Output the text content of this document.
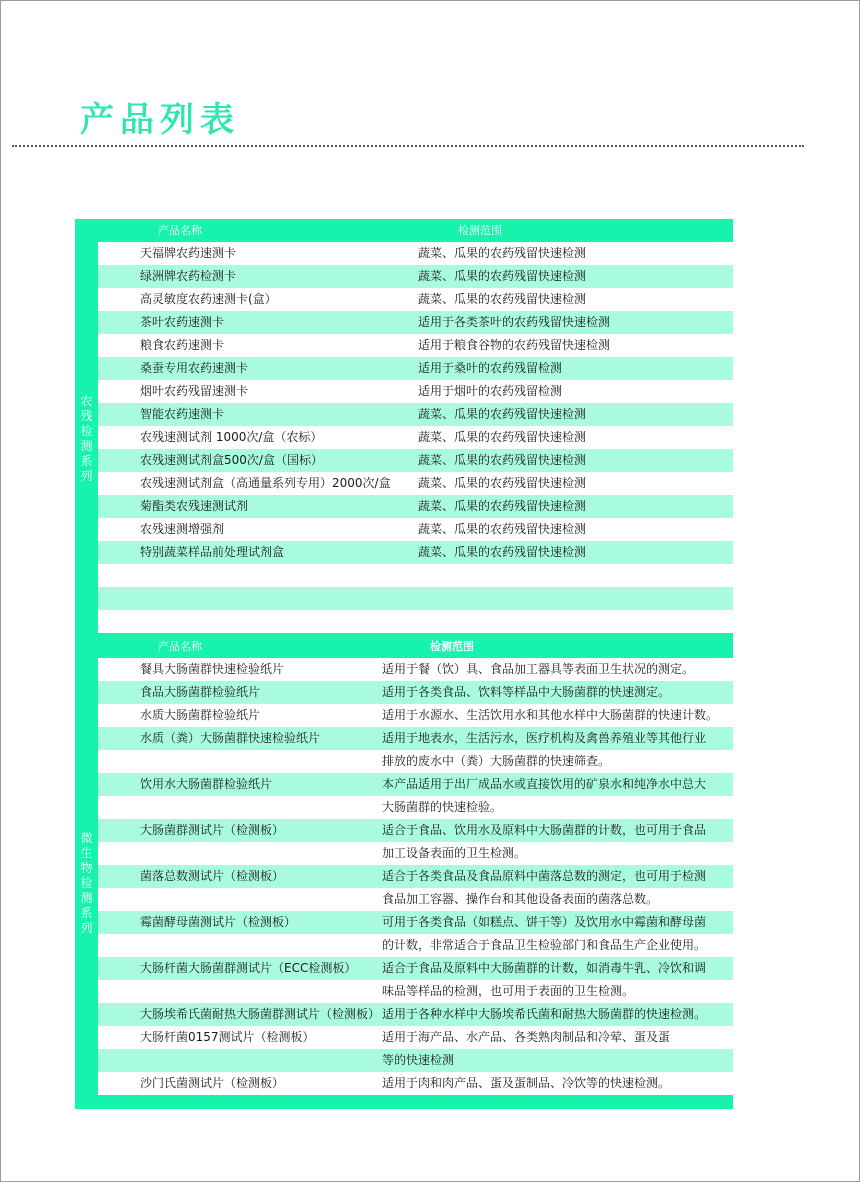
产品列表
农残检测系列
产品名称	检测范围
天福牌农药速测卡	蔬菜、瓜果的农药残留快速检测
绿洲牌农药检测卡	蔬菜、瓜果的农药残留快速检测
高灵敏度农药速测卡(盒）	蔬菜、瓜果的农药残留快速检测
茶叶农药速测卡	适用于各类茶叶的农药残留快速检测
粮食农药速测卡	适用于粮食谷物的农药残留快速检测
桑蚕专用农药速测卡	适用于桑叶的农药残留检测
烟叶农药残留速测卡	适用于烟叶的农药残留检测
智能农药速测卡	蔬菜、瓜果的农药残留快速检测
农残速测试剂 1000次/盒（农标）	蔬菜、瓜果的农药残留快速检测
农残速测试剂盒500次/盒（国标）	蔬菜、瓜果的农药残留快速检测
农残速测试剂盒（高通量系列专用）2000次/盒 蔬菜、瓜果的农药残留快速检测
菊酯类农残速测试剂	蔬菜、瓜果的农药残留快速检测
农残速测增强剂	蔬菜、瓜果的农药残留快速检测
特别蔬菜样品前处理试剂盒	蔬菜、瓜果的农药残留快速检测
微生物检测系列
产品名称	检测范围
餐具大肠菌群快速检验纸片	适用于餐（饮）具、食品加工器具等表面卫生状况的测定。
食品大肠菌群检验纸片	适用于各类食品、饮料等样品中大肠菌群的快速测定。
水质大肠菌群检验纸片	适用于水源水、生活饮用水和其他水样中大肠菌群的快速计数。
水质（粪）大肠菌群快速检验纸片	适用于地表水，生活污水，医疗机构及禽兽养殖业等其他行业
排放的废水中（粪）大肠菌群的快速筛查。
饮用水大肠菌群检验纸片	本产品适用于出厂成品水或直接饮用的矿泉水和纯净水中总大
大肠菌群的快速检验。
大肠菌群测试片（检测板）	适合于食品、饮用水及原料中大肠菌群的计数，也可用于食品
加工设备表面的卫生检测。
菌落总数测试片（检测板）	适合于各类食品及食品原料中菌落总数的测定，也可用于检测
食品加工容器、操作台和其他设备表面的菌落总数。
霉菌酵母菌测试片（检测板）	可用于各类食品（如糕点、饼干等）及饮用水中霉菌和酵母菌
的计数，非常适合于食品卫生检验部门和食品生产企业使用。
大肠杆菌大肠菌群测试片（ECC检测板） 适合于食品及原料中大肠菌群的计数，如消毒牛乳、冷饮和调
味品等样品的检测，也可用于表面的卫生检测。
大肠埃希氏菌耐热大肠菌群测试片（检测板） 适用于各种水样中大肠埃希氏菌和耐热大肠菌群的快速检测。
大肠杆菌0157测试片（检测板）	适用于海产品、水产品、各类熟肉制品和冷荤、蛋及蛋
等的快速检测
沙门氏菌测试片（检测板）	适用于肉和肉产品、蛋及蛋制品、冷饮等的快速检测。
